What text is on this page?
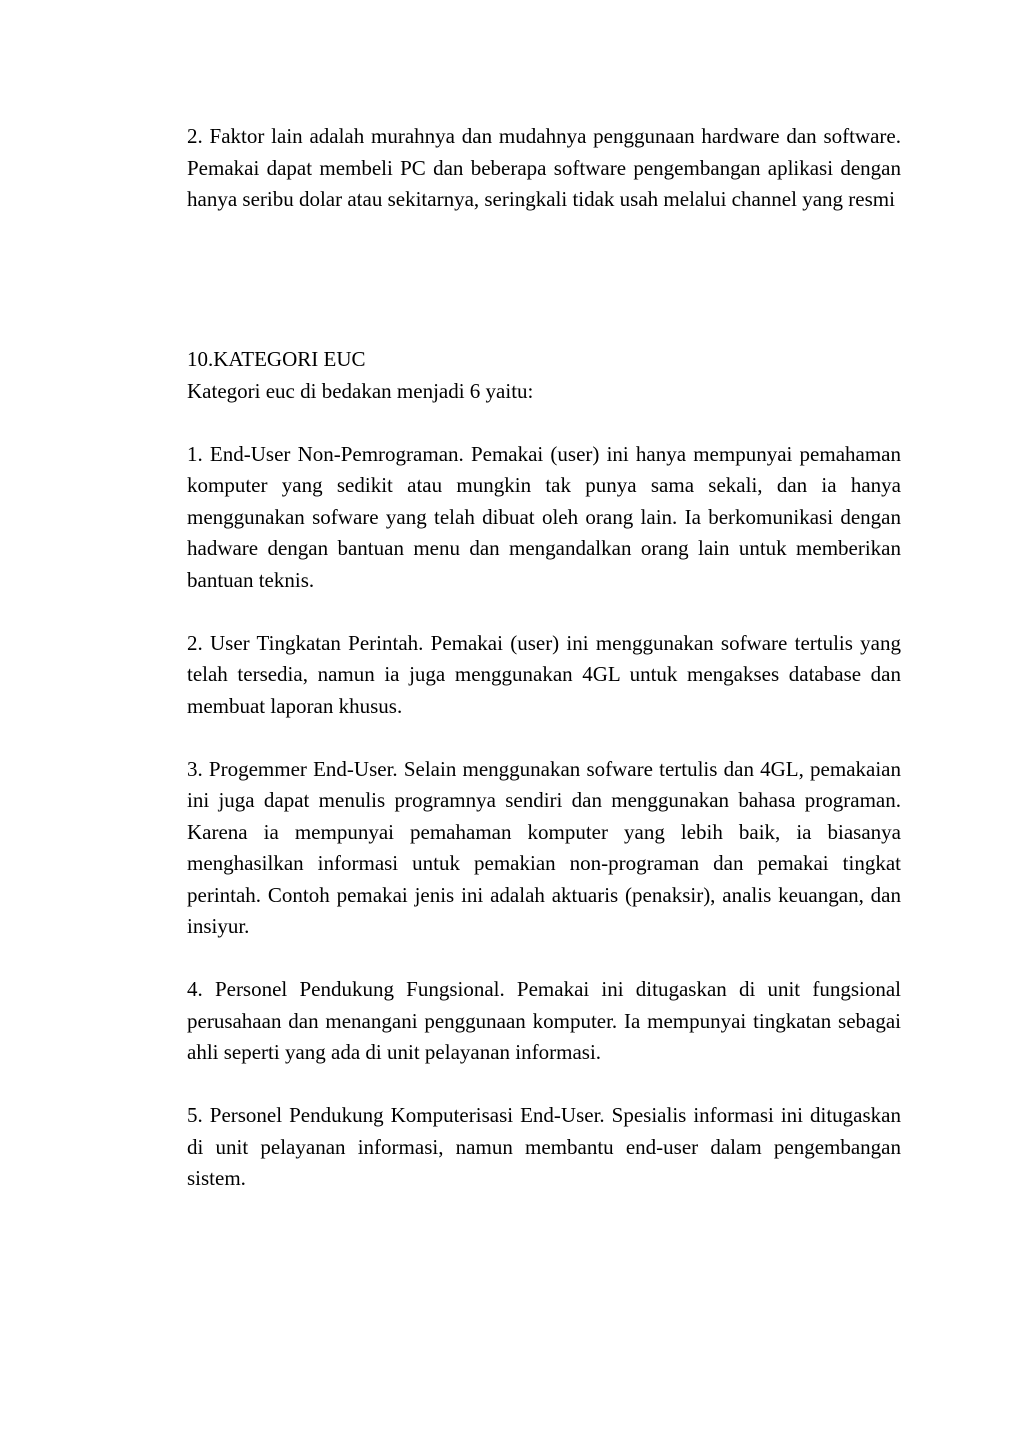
2. Faktor lain adalah murahnya dan mudahnya penggunaan hardware dan software. Pemakai dapat membeli PC dan beberapa software pengembangan aplikasi dengan hanya seribu dolar atau sekitarnya, seringkali tidak usah melalui channel yang resmi

10.KATEGORI EUC

Kategori euc di bedakan menjadi 6 yaitu:

1. End-User Non-Pemrograman. Pemakai (user) ini hanya mempunyai pemahaman komputer yang sedikit atau mungkin tak punya sama sekali, dan ia hanya menggunakan sofware yang telah dibuat oleh orang lain. Ia berkomunikasi dengan hadware dengan bantuan menu dan mengandalkan orang lain untuk memberikan bantuan teknis.

2. User Tingkatan Perintah. Pemakai (user) ini menggunakan sofware tertulis yang telah tersedia, namun ia juga menggunakan 4GL untuk mengakses database dan membuat laporan khusus.

3. Progemmer End-User. Selain menggunakan sofware tertulis dan 4GL, pemakaian ini juga dapat menulis programnya sendiri dan menggunakan bahasa programan. Karena ia mempunyai pemahaman komputer yang lebih baik, ia biasanya menghasilkan informasi untuk pemakian non-programan dan pemakai tingkat perintah. Contoh pemakai jenis ini adalah aktuaris (penaksir), analis keuangan, dan insiyur.

4. Personel Pendukung Fungsional. Pemakai ini ditugaskan di unit fungsional perusahaan dan menangani penggunaan komputer. Ia mempunyai tingkatan sebagai ahli seperti yang ada di unit pelayanan informasi.

5. Personel Pendukung Komputerisasi End-User. Spesialis informasi ini ditugaskan di unit pelayanan informasi, namun membantu end-user dalam pengembangan sistem.
